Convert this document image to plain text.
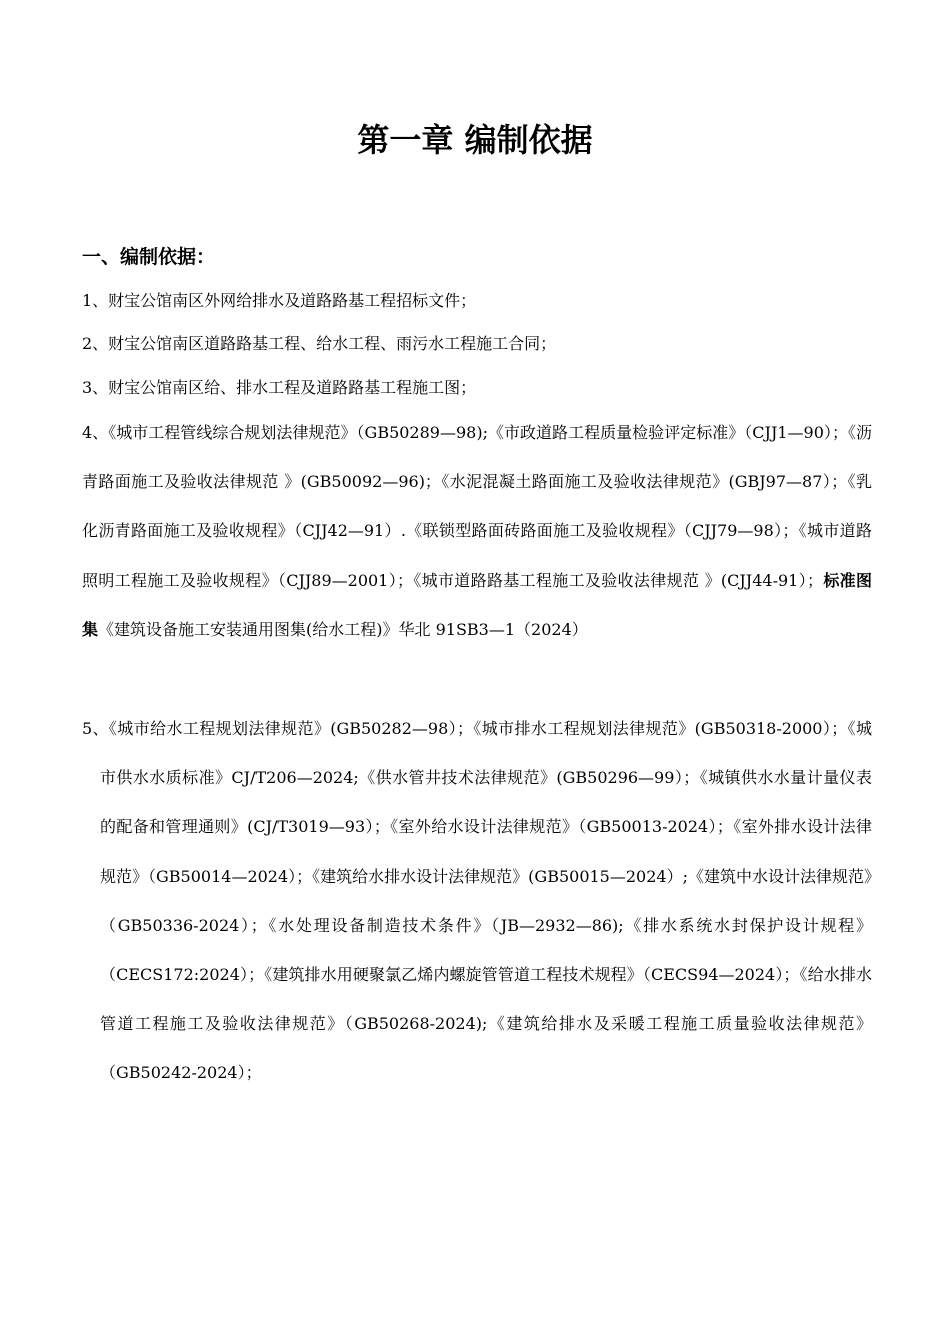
第一章 编制依据
一、编制依据：

1、财宝公馆南区外网给排水及道路路基工程招标文件；

2、财宝公馆南区道路路基工程、给水工程、雨污水工程施工合同；

3、财宝公馆南区给、排水工程及道路路基工程施工图；

4、《城市工程管线综合规划法律规范》（GB50289—98);《市政道路工程质量检验评定标准》（CJJ1—90）；《沥青路面施工及验收法律规范 》(GB50092—96)；《水泥混凝土路面施工及验收法律规范》(GBJ97—87）；《乳化沥青路面施工及验收规程》（CJJ42—91）.《联锁型路面砖路面施工及验收规程》（CJJ79—98）；《城市道路照明工程施工及验收规程》（CJJ89—2001）；《城市道路路基工程施工及验收法律规范 》(CJJ44-91）；标准图集《建筑设备施工安装通用图集(给水工程)》华北 91SB3—1（2024）

5、《城市给水工程规划法律规范》(GB50282—98）；《城市排水工程规划法律规范》(GB50318-2000）；《城市供水水质标准》CJ/T206—2024;《供水管井技术法律规范》(GB50296—99）；《城镇供水水量计量仪表的配备和管理通则》(CJ/T3019—93）；《室外给水设计法律规范》（GB50013-2024）；《室外排水设计法律规范》（GB50014—2024）；《建筑给水排水设计法律规范》(GB50015—2024）;《建筑中水设计法律规范》（GB50336-2024）；《水处理设备制造技术条件》（JB—2932—86);《排水系统水封保护设计规程》（CECS172:2024）；《建筑排水用硬聚氯乙烯内螺旋管管道工程技术规程》（CECS94—2024）；《给水排水管道工程施工及验收法律规范》（GB50268-2024);《建筑给排水及采暖工程施工质量验收法律规范》（GB50242-2024）；
